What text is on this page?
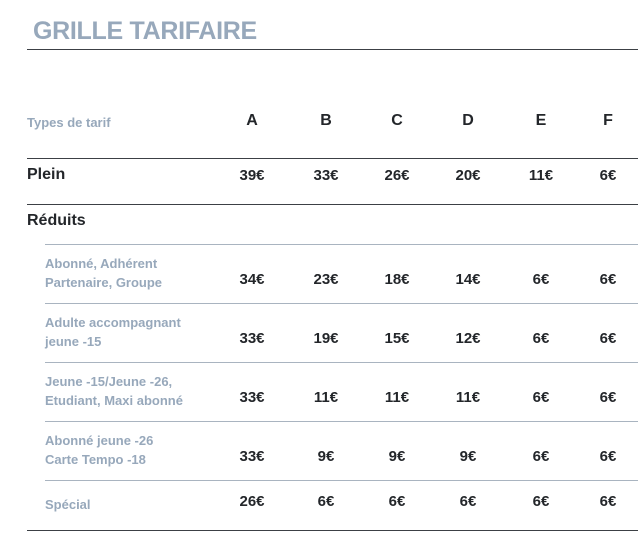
GRILLE TARIFAIRE
Types de tarif	A	B	C	D	E	F
Plein	39€	33€	26€	20€	11€	6€
Réduits
Abonné, Adhérent
Partenaire, Groupe	34€	23€	18€	14€	6€	6€
Adulte accompagnant
jeune -15	33€	19€	15€	12€	6€	6€
Jeune -15/Jeune -26,
Etudiant, Maxi abonné	33€	11€	11€	11€	6€	6€
Abonné jeune -26
Carte Tempo -18	33€	9€	9€	9€	6€	6€
Spécial	26€	6€	6€	6€	6€	6€
